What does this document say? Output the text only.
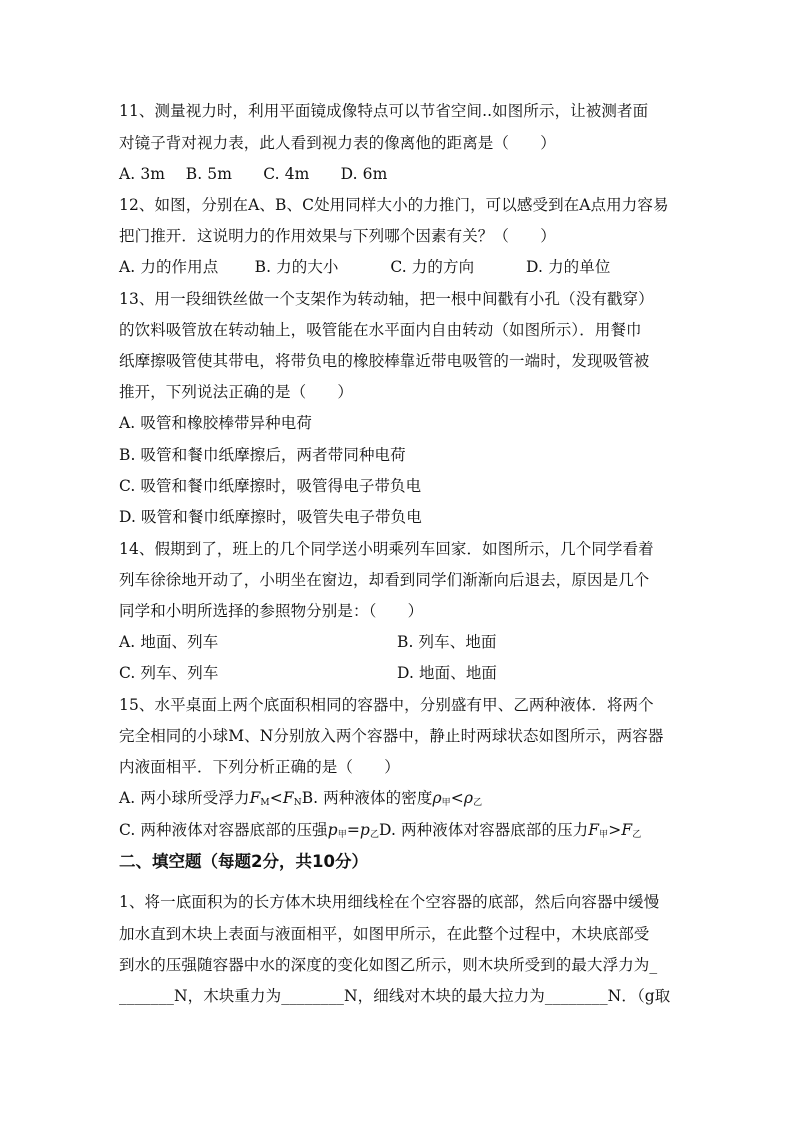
11、测量视力时，利用平面镜成像特点可以节省空间..如图所示，让被测者面
对镜子背对视力表，此人看到视力表的像离他的距离是（　　）
A. 3m　 B. 5m　　C. 4m　　D. 6m
12、如图，分别在A、B、C处用同样大小的力推门，可以感受到在A点用力容易
把门推开．这说明力的作用效果与下列哪个因素有关？（　　）
A. 力的作用点　　 B. 力的大小　　　 C. 力的方向　　　 D. 力的单位
13、用一段细铁丝做一个支架作为转动轴，把一根中间戳有小孔（没有戳穿）
的饮料吸管放在转动轴上，吸管能在水平面内自由转动（如图所示）．用餐巾
纸摩擦吸管使其带电，将带负电的橡胶棒靠近带电吸管的一端时，发现吸管被
推开，下列说法正确的是（　　）
A. 吸管和橡胶棒带异种电荷
B. 吸管和餐巾纸摩擦后，两者带同种电荷
C. 吸管和餐巾纸摩擦时，吸管得电子带负电
D. 吸管和餐巾纸摩擦时，吸管失电子带负电
14、假期到了，班上的几个同学送小明乘列车回家．如图所示，几个同学看着
列车徐徐地开动了，小明坐在窗边，却看到同学们渐渐向后退去，原因是几个
同学和小明所选择的参照物分别是：（　　）
A. 地面、列车	B. 列车、地面
C. 列车、列车	D. 地面、地面
15、水平桌面上两个底面积相同的容器中，分别盛有甲、乙两种液体．将两个
完全相同的小球M、N分别放入两个容器中，静止时两球状态如图所示，两容器
内液面相平．下列分析正确的是（　　）
A. 两小球所受浮力$F_M<F_NB$. 两种液体的密度$\rho_甲<\rho_乙$
C. 两种液体对容器底部的压强$p_甲=p_乙D$. 两种液体对容器底部的压力$F_甲>F_乙$
二、填空题（每题2分，共10分）
1、将一底面积为的长方体木块用细线栓在个空容器的底部，然后向容器中缓慢
加水直到木块上表面与液面相平，如图甲所示，在此整个过程中，木块底部受
到水的压强随容器中水的深度的变化如图乙所示，则木块所受到的最大浮力为_
_______N，木块重力为________N，细线对木块的最大拉力为________N．（g取
